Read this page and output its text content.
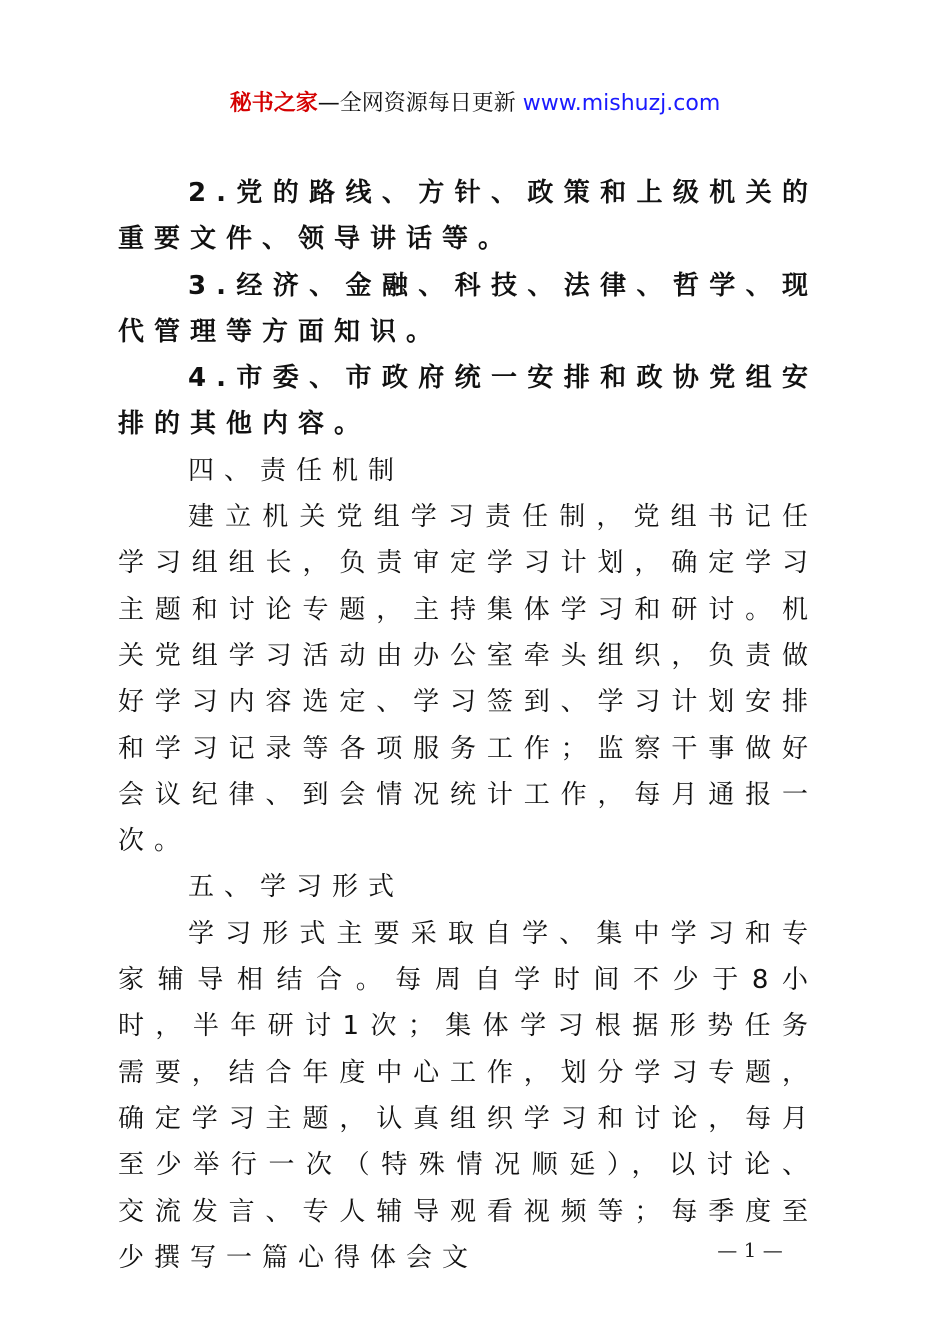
秘书之家—全网资源每日更新 www.mishuzj.com

2.党的路线、方针、政策和上级机关的重要文件、领导讲话等。

3.经济、金融、科技、法律、哲学、现代管理等方面知识。

4.市委、市政府统一安排和政协党组安排的其他内容。

四、责任机制

建立机关党组学习责任制，党组书记任学习组组长，负责审定学习计划，确定学习主题和讨论专题，主持集体学习和研讨。机关党组学习活动由办公室牵头组织，负责做好学习内容选定、学习签到、学习计划安排和学习记录等各项服务工作；监察干事做好会议纪律、到会情况统计工作，每月通报一次。

五、学习形式

学习形式主要采取自学、集中学习和专家辅导相结合。每周自学时间不少于8小时，半年研讨1次；集体学习根据形势任务需要，结合年度中心工作，划分学习专题，确定学习主题，认真组织学习和讨论，每月至少举行一次（特殊情况顺延），以讨论、交流发言、专人辅导观看视频等；每季度至少撰写一篇心得体会文	— 1 —
